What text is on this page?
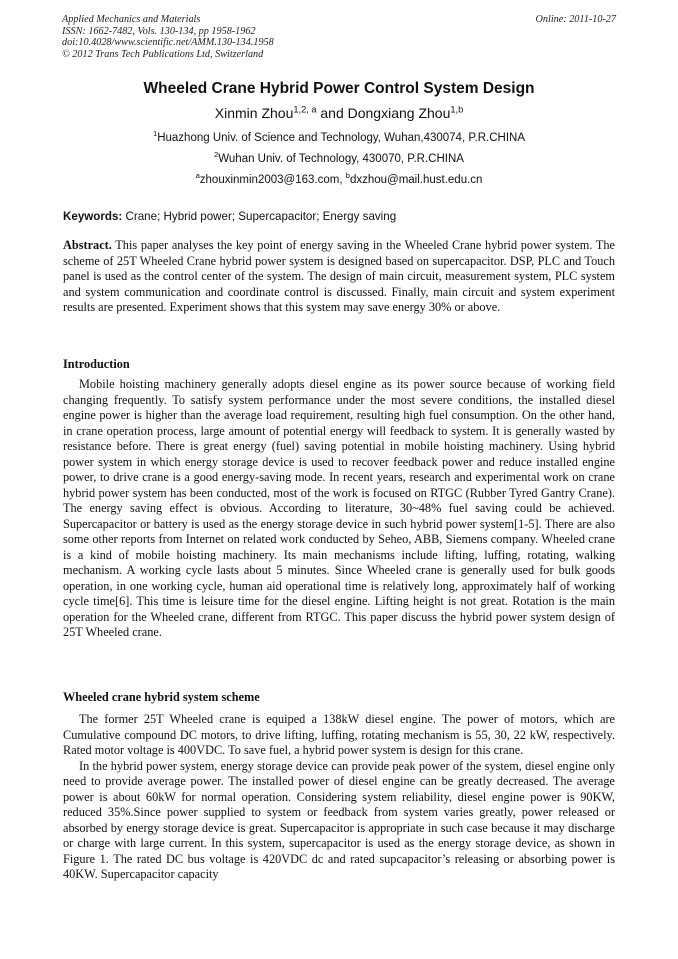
Applied Mechanics and Materials
ISSN: 1662-7482, Vols. 130-134, pp 1958-1962
doi:10.4028/www.scientific.net/AMM.130-134.1958
© 2012 Trans Tech Publications Ltd, Switzerland
Online: 2011-10-27
Wheeled Crane Hybrid Power Control System Design
Xinmin Zhou$^{1,2, a}$ and Dongxiang Zhou$^{1,b}$
$^1$Huazhong Univ. of Science and Technology, Wuhan,430074, P.R.CHINA
$^2$Wuhan Univ. of Technology, 430070, P.R.CHINA
$^a$zhouxinmin2003@163.com, $^b$dxzhou@mail.hust.edu.cn
Keywords: Crane; Hybrid power; Supercapacitor; Energy saving

Abstract. This paper analyses the key point of energy saving in the Wheeled Crane hybrid power system. The scheme of 25T Wheeled Crane hybrid power system is designed based on supercapacitor. DSP, PLC and Touch panel is used as the control center of the system. The design of main circuit, measurement system, PLC system and system communication and coordinate control is discussed. Finally, main circuit and system experiment results are presented. Experiment shows that this system may save energy 30% or above.

Introduction

Mobile hoisting machinery generally adopts diesel engine as its power source because of working field changing frequently. To satisfy system performance under the most severe conditions, the installed diesel engine power is higher than the average load requirement, resulting high fuel consumption. On the other hand, in crane operation process, large amount of potential energy will feedback to system. It is generally wasted by resistance before. There is great energy (fuel) saving potential in mobile hoisting machinery. Using hybrid power system in which energy storage device is used to recover feedback power and reduce installed engine power, to drive crane is a good energy-saving mode. In recent years, research and experimental work on crane hybrid power system has been conducted, most of the work is focused on RTGC (Rubber Tyred Gantry Crane). The energy saving effect is obvious. According to literature, 30~48% fuel saving could be achieved. Supercapacitor or battery is used as the energy storage device in such hybrid power system[1-5]. There are also some other reports from Internet on related work conducted by Seheo, ABB, Siemens company. Wheeled crane is a kind of mobile hoisting machinery. Its main mechanisms include lifting, luffing, rotating, walking mechanism. A working cycle lasts about 5 minutes. Since Wheeled crane is generally used for bulk goods operation, in one working cycle, human aid operational time is relatively long, approximately half of working cycle time[6]. This time is leisure time for the diesel engine. Lifting height is not great. Rotation is the main operation for the Wheeled crane, different from RTGC. This paper discuss the hybrid power system design of 25T Wheeled crane.

Wheeled crane hybrid system scheme

The former 25T Wheeled crane is equiped a 138kW diesel engine. The power of motors, which are Cumulative compound DC motors, to drive lifting, luffing, rotating mechanism is 55, 30, 22 kW, respectively. Rated motor voltage is 400VDC. To save fuel, a hybrid power system is design for this crane.

In the hybrid power system, energy storage device can provide peak power of the system, diesel engine only need to provide average power. The installed power of diesel engine can be greatly decreased. The average power is about 60kW for normal operation. Considering system reliability, diesel engine power is 90KW, reduced 35%.Since power supplied to system or feedback from system varies greatly, power released or absorbed by energy storage device is great. Supercapacitor is appropriate in such case because it may discharge or charge with large current. In this system, supercapacitor is used as the energy storage device, as shown in Figure 1. The rated DC bus voltage is 420VDC dc and rated supcapacitor’s releasing or absorbing power is 40KW. Supercapacitor capacity
